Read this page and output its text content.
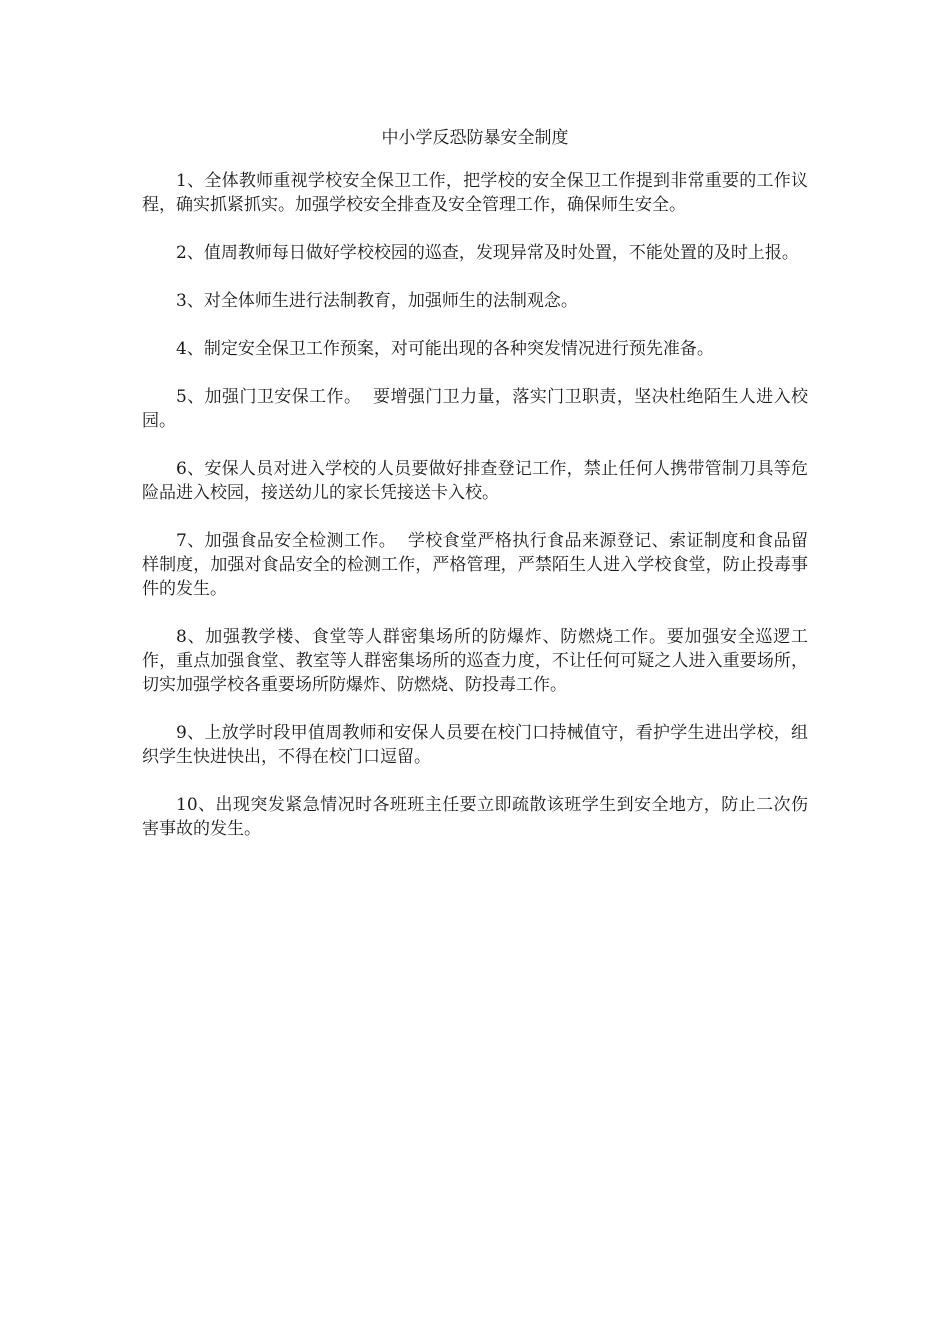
中小学反恐防暴安全制度

1、全体教师重视学校安全保卫工作，把学校的安全保卫工作提到非常重要的工作议程，确实抓紧抓实。加强学校安全排查及安全管理工作，确保师生安全。

2、值周教师每日做好学校校园的巡查，发现异常及时处置，不能处置的及时上报。

3、对全体师生进行法制教育，加强师生的法制观念。

4、制定安全保卫工作预案，对可能出现的各种突发情况进行预先准备。

5、加强门卫安保工作。  要增强门卫力量，落实门卫职责，坚决杜绝陌生人进入校园。

6、安保人员对进入学校的人员要做好排查登记工作，禁止任何人携带管制刀具等危险品进入校园，接送幼儿的家长凭接送卡入校。

7、加强食品安全检测工作。  学校食堂严格执行食品来源登记、索证制度和食品留样制度，加强对食品安全的检测工作，严格管理，严禁陌生人进入学校食堂，防止投毒事件的发生。

8、加强教学楼、食堂等人群密集场所的防爆炸、防燃烧工作。要加强安全巡逻工作，重点加强食堂、教室等人群密集场所的巡查力度，不让任何可疑之人进入重要场所，切实加强学校各重要场所防爆炸、防燃烧、防投毒工作。

9、上放学时段甲值周教师和安保人员要在校门口持械值守，看护学生进出学校，组织学生快进快出，不得在校门口逗留。

10、出现突发紧急情况时各班班主任要立即疏散该班学生到安全地方，防止二次伤害事故的发生。
